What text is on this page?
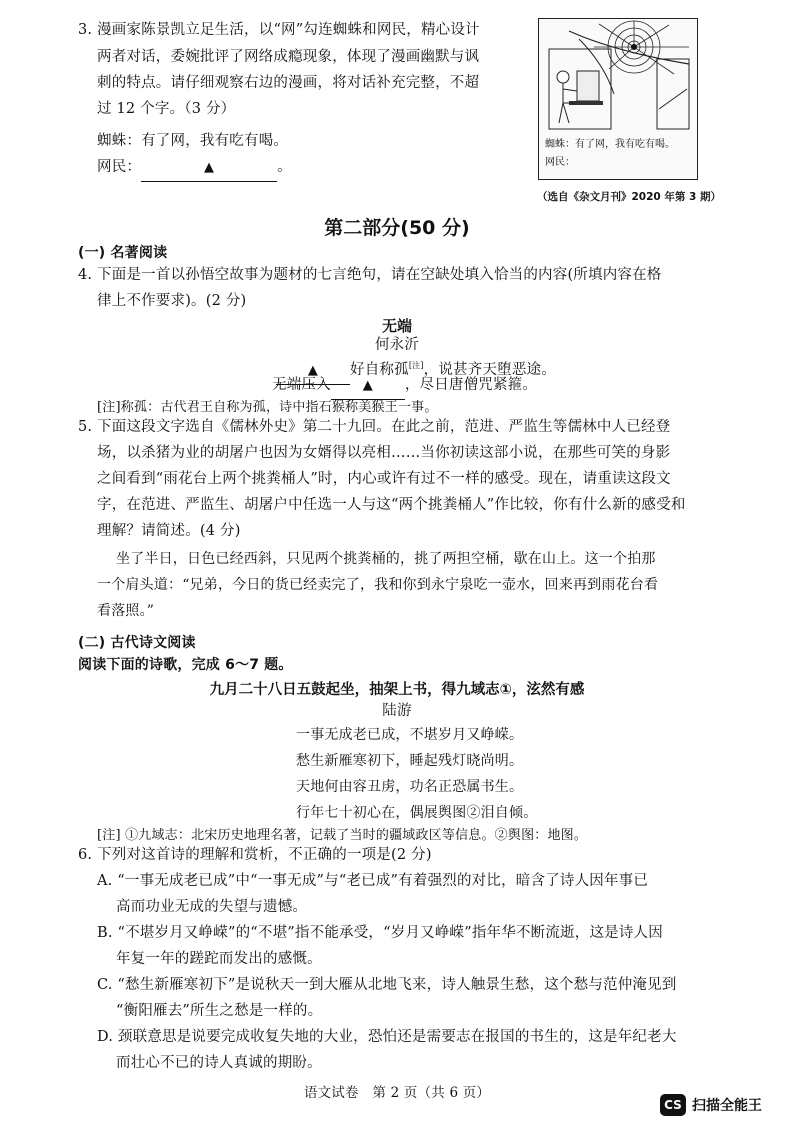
3. 漫画家陈景凯立足生活，以“网”勾连蜘蛛和网民，精心设计
两者对话，委婉批评了网络成瘾现象，体现了漫画幽默与讽
刺的特点。请仔细观察右边的漫画，将对话补充完整，不超
过 12 个字。（3 分）
蜘蛛：有了网，我有吃有喝。
网民：	▲	。
蜘蛛：有了网，我有吃有喝。
网民：
（选自《杂文月刊》2020 年第 3 期）
第二部分(50 分)
(一) 名著阅读
4. 下面是一首以孙悟空故事为题材的七言绝句，请在空缺处填入恰当的内容(所填内容在格
律上不作要求)。(2 分)
无端
何永沂
▲ 好自称孤[注]，说甚齐天堕恶途。
无端压入 ▲ ，尽日唐僧咒紧箍。
[注]称孤：古代君王自称为孤，诗中指石猴称美猴王一事。
5. 下面这段文字选自《儒林外史》第二十九回。在此之前，范进、严监生等儒林中人已经登
场，以杀猪为业的胡屠户也因为女婿得以亮相……当你初读这部小说，在那些可笑的身影
之间看到“雨花台上两个挑粪桶人”时，内心或许有过不一样的感受。现在，请重读这段文
字，在范进、严监生、胡屠户中任选一人与这“两个挑粪桶人”作比较，你有什么新的感受和
理解？请简述。(4 分)
坐了半日，日色已经西斜，只见两个挑粪桶的，挑了两担空桶，歇在山上。这一个拍那
一个肩头道：“兄弟，今日的货已经卖完了，我和你到永宁泉吃一壶水，回来再到雨花台看
看落照。”
(二) 古代诗文阅读
阅读下面的诗歌，完成 6～7 题。
九月二十八日五鼓起坐，抽架上书，得九域志①，泫然有感
陆游
一事无成老已成，不堪岁月又峥嵘。
愁生新雁寒初下，睡起残灯晓尚明。
天地何由容丑虏，功名正恐属书生。
行年七十初心在，偶展舆图②泪自倾。
[注] ①九域志：北宋历史地理名著，记载了当时的疆域政区等信息。②舆图：地图。
6. 下列对这首诗的理解和赏析，不正确的一项是(2 分)
A. “一事无成老已成”中“一事无成”与“老已成”有着强烈的对比，暗含了诗人因年事已
高而功业无成的失望与遗憾。
B. “不堪岁月又峥嵘”的“不堪”指不能承受，“岁月又峥嵘”指年华不断流逝，这是诗人因
年复一年的蹉跎而发出的感慨。
C. “愁生新雁寒初下”是说秋天一到大雁从北地飞来，诗人触景生愁，这个愁与范仲淹见到
“衡阳雁去”所生之愁是一样的。
D. 颈联意思是说要完成收复失地的大业，恐怕还是需要志在报国的书生的，这是年纪老大
而壮心不已的诗人真诚的期盼。
语文试卷　第 2 页（共 6 页）
CS 扫描全能王
